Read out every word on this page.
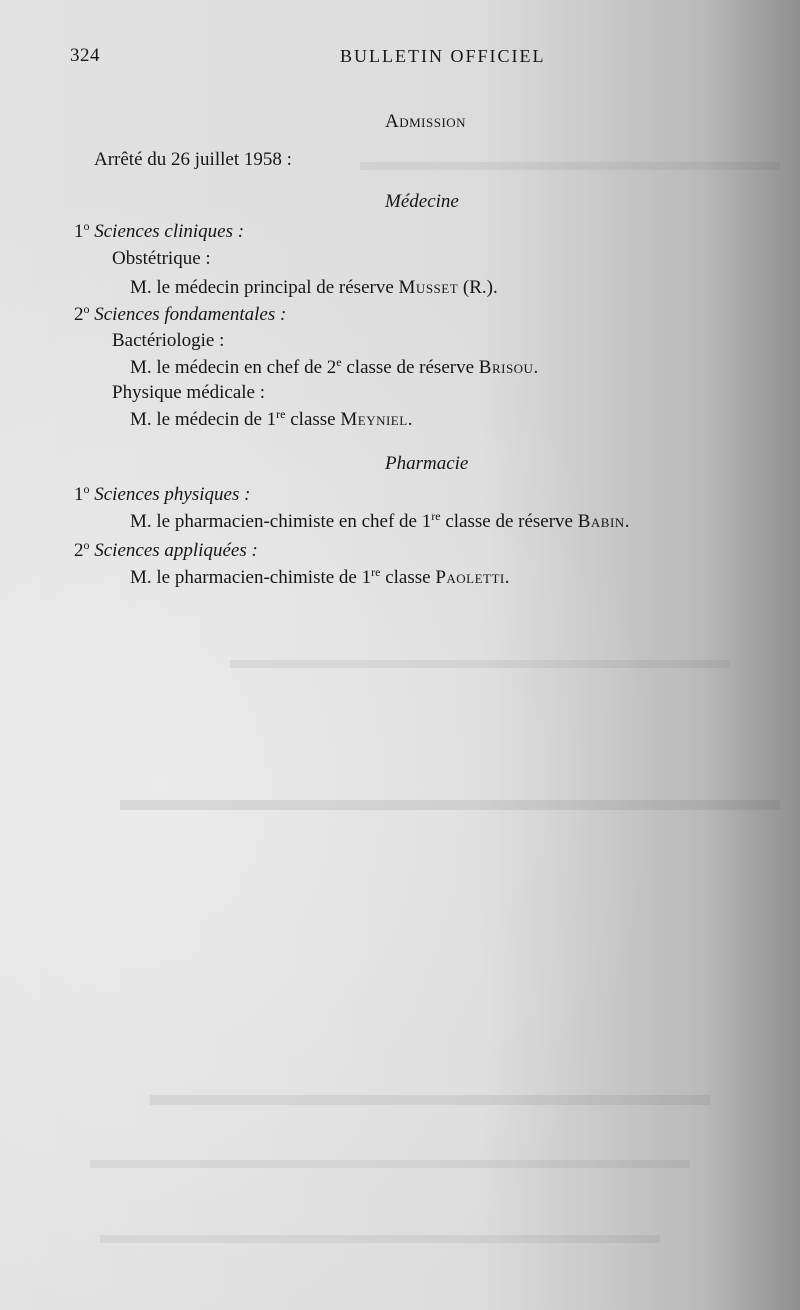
324	BULLETIN OFFICIEL
Admission
Arrêté du 26 juillet 1958 :
Médecine
1$^o$ Sciences cliniques :
Obstétrique :
M. le médecin principal de réserve Musset (R.).
2$^o$ Sciences fondamentales :
Bactériologie :
M. le médecin en chef de 2e classe de réserve Brisou.
Physique médicale :
M. le médecin de 1re classe Meyniel.
Pharmacie
1$^o$ Sciences physiques :
M. le pharmacien-chimiste en chef de 1re classe de réserve Babin.
2$^o$ Sciences appliquées :
M. le pharmacien-chimiste de 1re classe Paoletti.
